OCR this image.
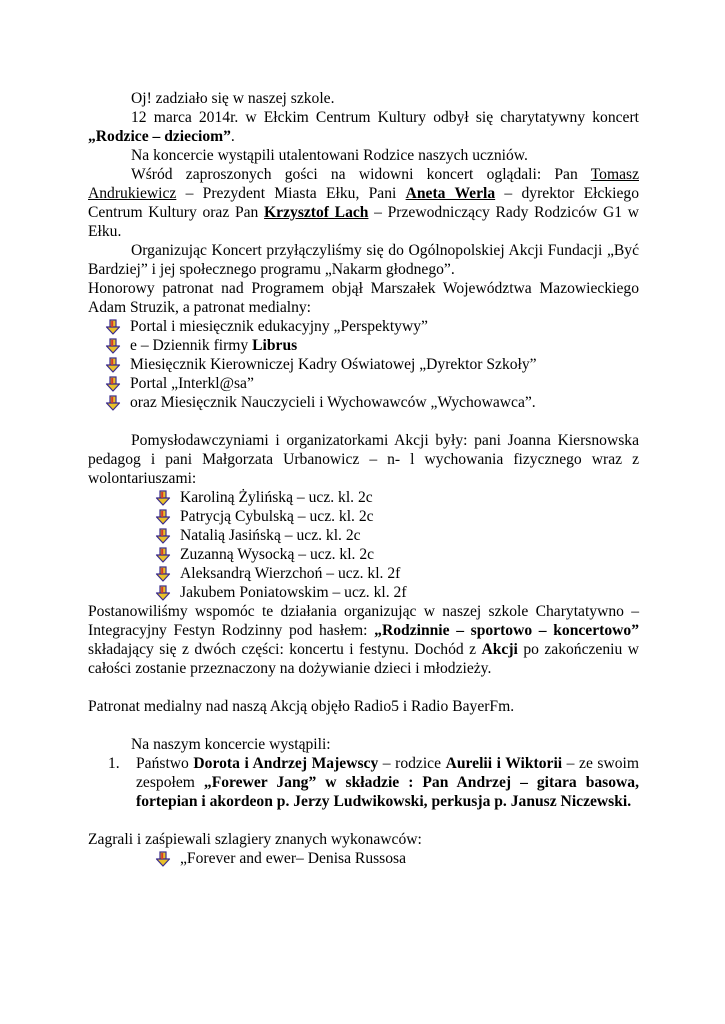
Oj! zadziało się w naszej szkole.

12 marca 2014r. w Ełckim Centrum Kultury odbył się charytatywny koncert „Rodzice – dzieciom”.

Na koncercie wystąpili utalentowani Rodzice naszych uczniów.

Wśród zaproszonych gości na widowni koncert oglądali: Pan Tomasz Andrukiewicz – Prezydent Miasta Ełku, Pani Aneta Werla – dyrektor Ełckiego Centrum Kultury oraz Pan Krzysztof Lach – Przewodniczący Rady Rodziców G1 w Ełku.

Organizując Koncert przyłączyliśmy się do Ogólnopolskiej Akcji Fundacji „Być Bardziej” i jej społecznego programu „Nakarm głodnego”.

Honorowy patronat nad Programem objął Marszałek Województwa Mazowieckiego Adam Struzik, a patronat medialny:

Portal i miesięcznik edukacyjny „Perspektywy”
e – Dziennik firmy Librus
Miesięcznik Kierowniczej Kadry Oświatowej „Dyrektor Szkoły”
Portal „Interkl@sa”
oraz Miesięcznik Nauczycieli i Wychowawców „Wychowawca”.

Pomysłodawczyniami i organizatorkami Akcji były: pani Joanna Kiersnowska pedagog i pani Małgorzata Urbanowicz – n- l wychowania fizycznego wraz z wolontariuszami:

Karoliną Żylińską – ucz. kl. 2c
Patrycją Cybulską – ucz. kl. 2c
Natalią Jasińską – ucz. kl. 2c
Zuzanną Wysocką – ucz. kl. 2c
Aleksandrą Wierzchoń – ucz. kl. 2f
Jakubem Poniatowskim – ucz. kl. 2f

Postanowiliśmy wspomóc te działania organizując w naszej szkole Charytatywno – Integracyjny Festyn Rodzinny pod hasłem: „Rodzinnie – sportowo – koncertowo” składający się z dwóch części: koncertu i festynu. Dochód z Akcji po zakończeniu w całości zostanie przeznaczony na dożywianie dzieci i młodzieży.

Patronat medialny nad naszą Akcją objęło Radio5 i Radio BayerFm.

Na naszym koncercie wystąpili:

1. Państwo Dorota i Andrzej Majewscy – rodzice Aurelii i Wiktorii – ze swoim zespołem „Forewer Jang” w składzie : Pan Andrzej – gitara basowa, fortepian i akordeon p. Jerzy Ludwikowski, perkusja p. Janusz Niczewski.

Zagrali i zaśpiewali szlagiery znanych wykonawców:

„Forever and ewer– Denisa Russosa
